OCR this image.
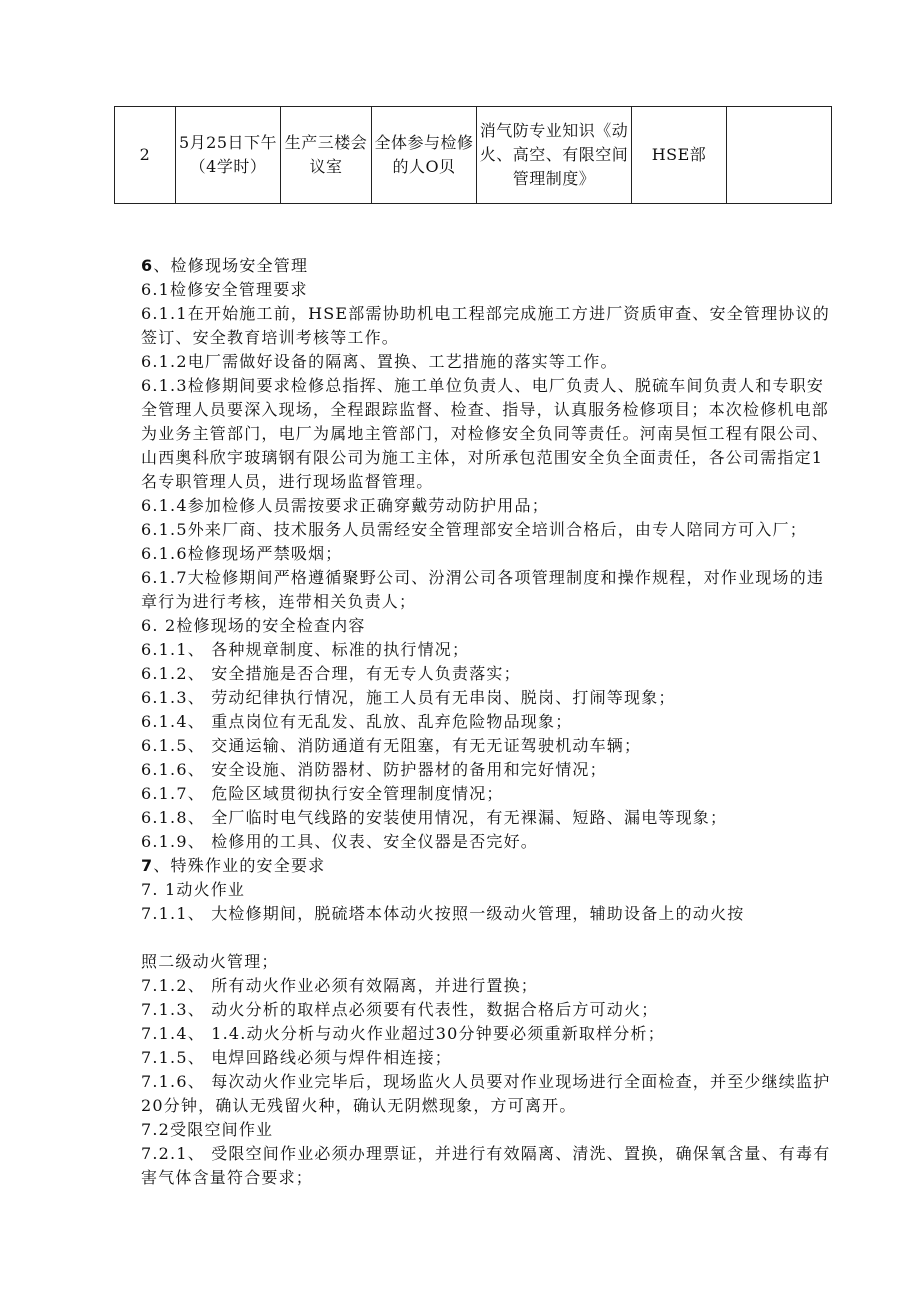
2	5月25日下午（4学时）	生产三楼会议室	全体参与检修的人O贝	消气防专业知识《动火、高空、有限空间管理制度》	HSE部	

6、检修现场安全管理

6.1检修安全管理要求

6.1.1在开始施工前，HSE部需协助机电工程部完成施工方进厂资质审查、安全管理协议的签订、安全教育培训考核等工作。

6.1.2电厂需做好设备的隔离、置换、工艺措施的落实等工作。

6.1.3检修期间要求检修总指挥、施工单位负责人、电厂负责人、脱硫车间负责人和专职安全管理人员要深入现场，全程跟踪监督、检查、指导，认真服务检修项目；本次检修机电部为业务主管部门，电厂为属地主管部门，对检修安全负同等责任。河南昊恒工程有限公司、山西奥科欣宇玻璃钢有限公司为施工主体，对所承包范围安全负全面责任，各公司需指定1名专职管理人员，进行现场监督管理。

6.1.4参加检修人员需按要求正确穿戴劳动防护用品；

6.1.5外来厂商、技术服务人员需经安全管理部安全培训合格后，由专人陪同方可入厂；

6.1.6检修现场严禁吸烟；

6.1.7大检修期间严格遵循聚野公司、汾渭公司各项管理制度和操作规程，对作业现场的违章行为进行考核，连带相关负责人；

6. 2检修现场的安全检查内容

6.1.1、 各种规章制度、标准的执行情况；

6.1.2、 安全措施是否合理，有无专人负责落实；

6.1.3、 劳动纪律执行情况，施工人员有无串岗、脱岗、打闹等现象；

6.1.4、 重点岗位有无乱发、乱放、乱弃危险物品现象；

6.1.5、 交通运输、消防通道有无阻塞，有无无证驾驶机动车辆；

6.1.6、 安全设施、消防器材、防护器材的备用和完好情况；

6.1.7、 危险区域贯彻执行安全管理制度情况；

6.1.8、 全厂临时电气线路的安装使用情况，有无裸漏、短路、漏电等现象；

6.1.9、 检修用的工具、仪表、安全仪器是否完好。

7、特殊作业的安全要求

7. 1动火作业

7.1.1、 大检修期间，脱硫塔本体动火按照一级动火管理，辅助设备上的动火按

照二级动火管理；

7.1.2、 所有动火作业必须有效隔离，并进行置换；

7.1.3、 动火分析的取样点必须要有代表性，数据合格后方可动火；

7.1.4、 1.4.动火分析与动火作业超过30分钟要必须重新取样分析；

7.1.5、 电焊回路线必须与焊件相连接；

7.1.6、 每次动火作业完毕后，现场监火人员要对作业现场进行全面检查，并至少继续监护20分钟，确认无残留火种，确认无阴燃现象，方可离开。

7.2受限空间作业

7.2.1、 受限空间作业必须办理票证，并进行有效隔离、清洗、置换，确保氧含量、有毒有害气体含量符合要求；
